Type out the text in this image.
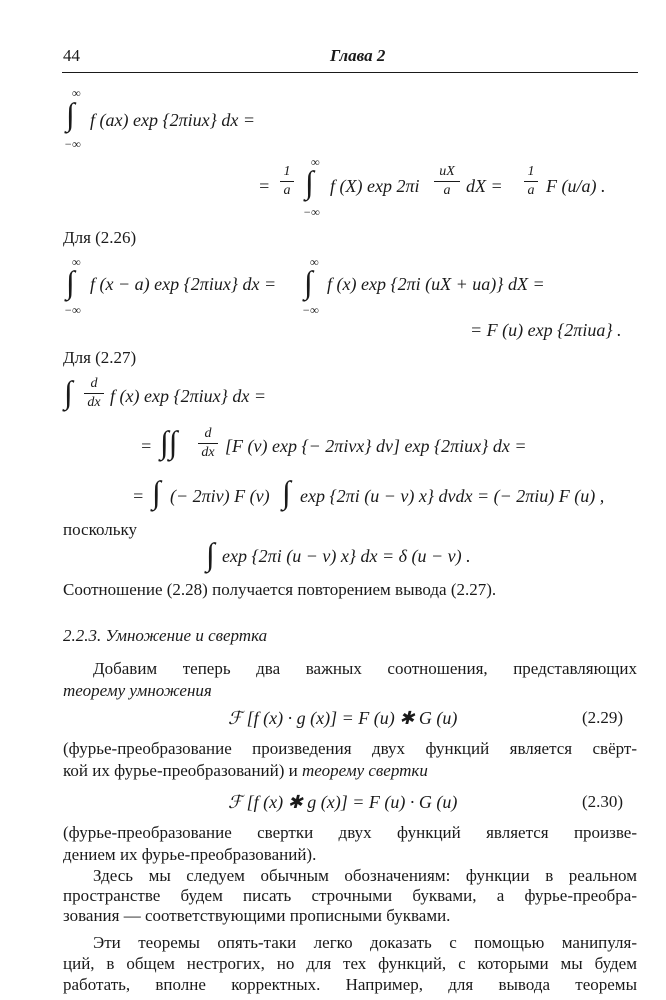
44	Глава 2
∞
∫
−∞
f (ax) exp {2πiux} dx =
=
1
a
∞
∫
−∞
f (X) exp 2πi
uX
a dX =
1
a F (u/a) .
Для (2.26)
∞
∫
−∞
f (x − a) exp {2πiux} dx =
∞
∫
−∞
f (x) exp {2πi (uX + ua)} dX =
= F (u) exp {2πiua} .
Для (2.27)
∫	d
dx f (x) exp {2πiux} dx =
= ∫∫	d
dx [F (v) exp {− 2πivx} dv] exp {2πiux} dx =
= ∫ (− 2πiv) F (v) ∫ exp {2πi (u − v) x} dvdx = (− 2πiu) F (u) ,
поскольку
∫ exp {2πi (u − v) x} dx = δ (u − v) .
Соотношение (2.28) получается повторением вывода (2.27).
2.2.3. Умножение и свертка
Добавим теперь два важных соотношения, представляющих
теорему умножения
ℱ [f (x) · g (x)] = F (u) ✱ G (u)	(2.29)
(фурье-преобразование произведения двух функций является свёрт-
кой их фурье-преобразований) и теорему свертки
ℱ [f (x) ✱ g (x)] = F (u) · G (u)	(2.30)
(фурье-преобразование свертки двух функций является произве-
дением их фурье-преобразований).
Здесь мы следуем обычным обозначениям: функции в реальном
пространстве будем писать строчными буквами, а фурье-преобра-
зования — соответствующими прописными буквами.
Эти теоремы опять-таки легко доказать с помощью манипуля-
ций, в общем нестрогих, но для тех функций, с которыми мы будем
работать, вполне корректных. Например, для вывода теоремы
